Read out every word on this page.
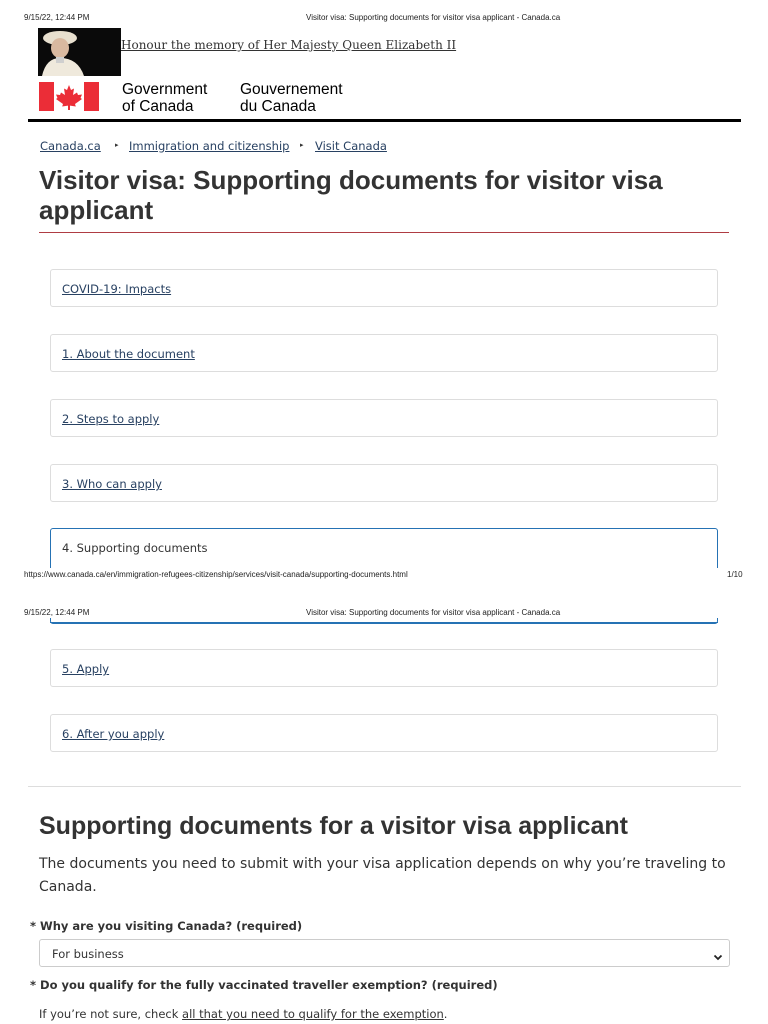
9/15/22, 12:44 PM	Visitor visa: Supporting documents for visitor visa applicant - Canada.ca
Honour the memory of Her Majesty Queen Elizabeth II
Government
of Canada
Gouvernement
du Canada
Canada.ca ▸ Immigration and citizenship ▸ Visit Canada
Visitor visa: Supporting documents for visitor visa applicant
COVID-19: Impacts
1. About the document
2. Steps to apply
3. Who can apply
4. Supporting documents
https://www.canada.ca/en/immigration-refugees-citizenship/services/visit-canada/supporting-documents.html	1/10
9/15/22, 12:44 PM	Visitor visa: Supporting documents for visitor visa applicant - Canada.ca
5. Apply
6. After you apply
Supporting documents for a visitor visa applicant

The documents you need to submit with your visa application depends on why you’re traveling to Canada.

* Why are you visiting Canada? (required)
For business
* Do you qualify for the fully vaccinated traveller exemption? (required)
If you’re not sure, check all that you need to qualify for the exemption.
